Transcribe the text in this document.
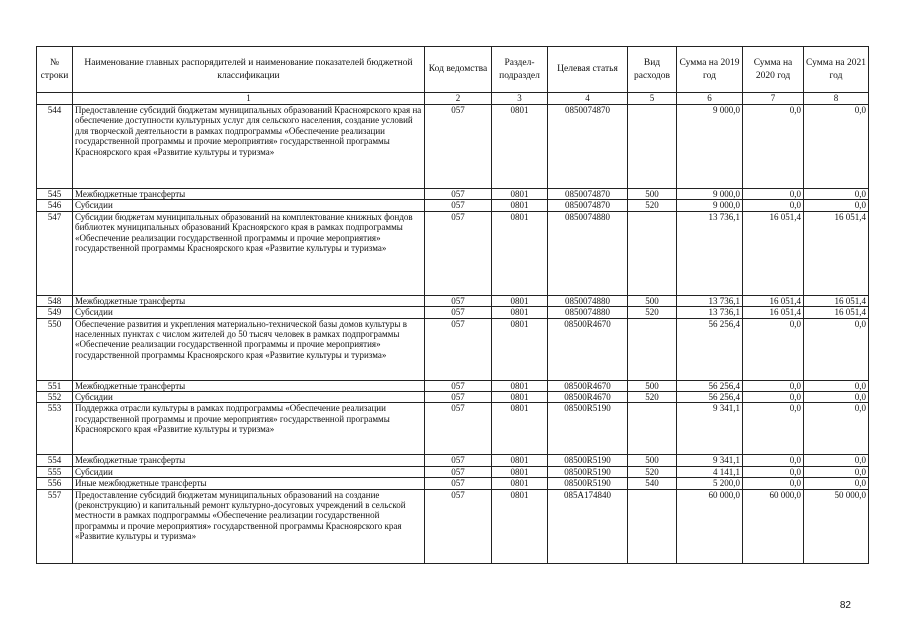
№ строки	Наименование главных распорядителей и наименование показателей бюджетной классификации	Код ведомства	Раздел-подраздел	Целевая статья	Вид расходов	Сумма на 2019 год	Сумма на 2020 год	Сумма на 2021 год
	1	2	3	4	5	6	7	8
544	Предоставление субсидий бюджетам муниципальных образований Красноярского края на обеспечение доступности культурных услуг для сельского населения, создание условий для творческой деятельности в рамках подпрограммы «Обеспечение реализации государственной программы и прочие мероприятия» государственной программы Красноярского края «Развитие культуры и туризма»	057	0801	0850074870		9 000,0	0,0	0,0
545	Межбюджетные трансферты	057	0801	0850074870	500	9 000,0	0,0	0,0
546	Субсидии	057	0801	0850074870	520	9 000,0	0,0	0,0
547	Субсидии бюджетам муниципальных образований на комплектование книжных фондов библиотек муниципальных образований Красноярского края в рамках подпрограммы «Обеспечение реализации государственной программы и прочие мероприятия» государственной программы Красноярского края «Развитие культуры и туризма»	057	0801	0850074880		13 736,1	16 051,4	16 051,4
548	Межбюджетные трансферты	057	0801	0850074880	500	13 736,1	16 051,4	16 051,4
549	Субсидии	057	0801	0850074880	520	13 736,1	16 051,4	16 051,4
550	Обеспечение развития и укрепления материально-технической базы домов культуры в населенных пунктах с числом жителей до 50 тысяч человек в рамках подпрограммы «Обеспечение реализации государственной программы и прочие мероприятия» государственной программы Красноярского края «Развитие культуры и туризма»	057	0801	08500R4670		56 256,4	0,0	0,0
551	Межбюджетные трансферты	057	0801	08500R4670	500	56 256,4	0,0	0,0
552	Субсидии	057	0801	08500R4670	520	56 256,4	0,0	0,0
553	Поддержка отрасли культуры в рамках подпрограммы «Обеспечение реализации государственной программы и прочие мероприятия» государственной программы Красноярского края «Развитие культуры и туризма»	057	0801	08500R5190		9 341,1	0,0	0,0
554	Межбюджетные трансферты	057	0801	08500R5190	500	9 341,1	0,0	0,0
555	Субсидии	057	0801	08500R5190	520	4 141,1	0,0	0,0
556	Иные межбюджетные трансферты	057	0801	08500R5190	540	5 200,0	0,0	0,0
557	Предоставление субсидий бюджетам муниципальных образований на создание (реконструкцию) и капитальный ремонт культурно-досуговых учреждений в сельской местности в рамках подпрограммы «Обеспечение реализации государственной программы и прочие мероприятия» государственной программы Красноярского края «Развитие культуры и туризма»	057	0801	085A174840		60 000,0	60 000,0	50 000,0
82
